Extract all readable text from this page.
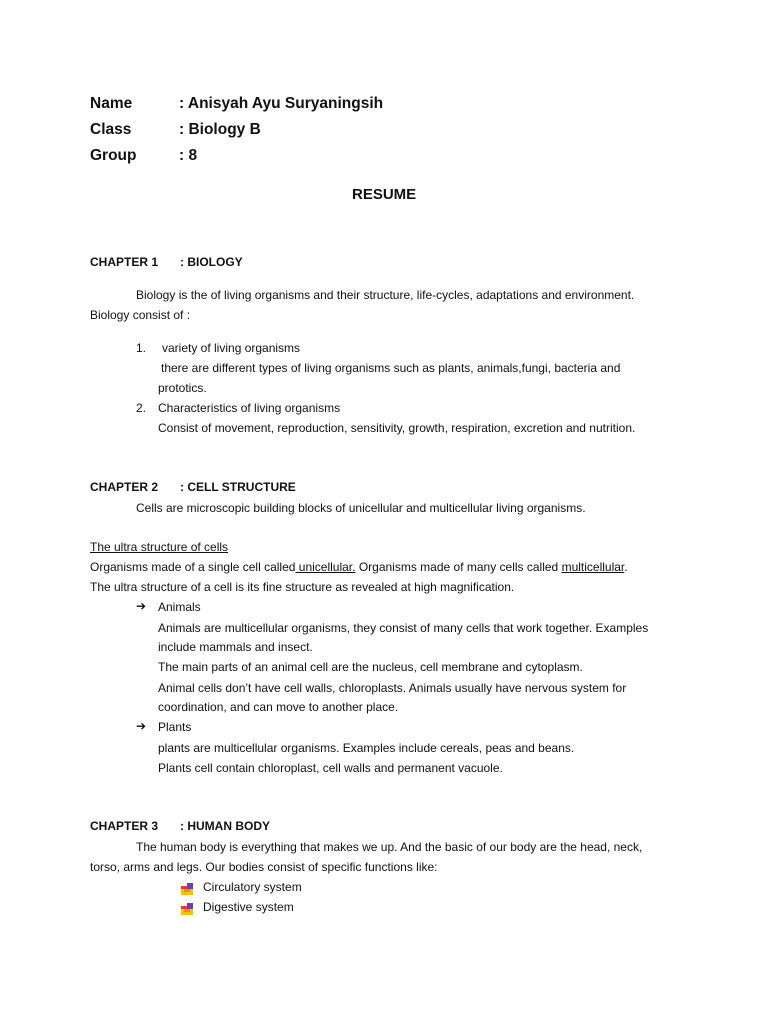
Name	: Anisyah Ayu Suryaningsih
Class	: Biology B
Group	: 8
RESUME
CHAPTER 1 : BIOLOGY
Biology is the of living organisms and their structure, life-cycles, adaptations and environment.
Biology consist of :
1. variety of living organisms
there are different types of living organisms such as plants, animals,fungi, bacteria and
prototics.
2. Characteristics of living organisms
Consist of movement, reproduction, sensitivity, growth, respiration, excretion and nutrition.
CHAPTER 2 : CELL STRUCTURE
Cells are microscopic building blocks of unicellular and multicellular living organisms.
The ultra structure of cells
Organisms made of a single cell called unicellular. Organisms made of many cells called multicellular.
The ultra structure of a cell is its fine structure as revealed at high magnification.
➔ Animals
Animals are multicellular organisms, they consist of many cells that work together. Examples
include mammals and insect.
The main parts of an animal cell are the nucleus, cell membrane and cytoplasm.
Animal cells don’t have cell walls, chloroplasts. Animals usually have nervous system for
coordination, and can move to another place.
➔ Plants
plants are multicellular organisms. Examples include cereals, peas and beans.
Plants cell contain chloroplast, cell walls and permanent vacuole.
CHAPTER 3 : HUMAN BODY
The human body is everything that makes we up. And the basic of our body are the head, neck,
torso, arms and legs. Our bodies consist of specific functions like:
Circulatory system
Digestive system
